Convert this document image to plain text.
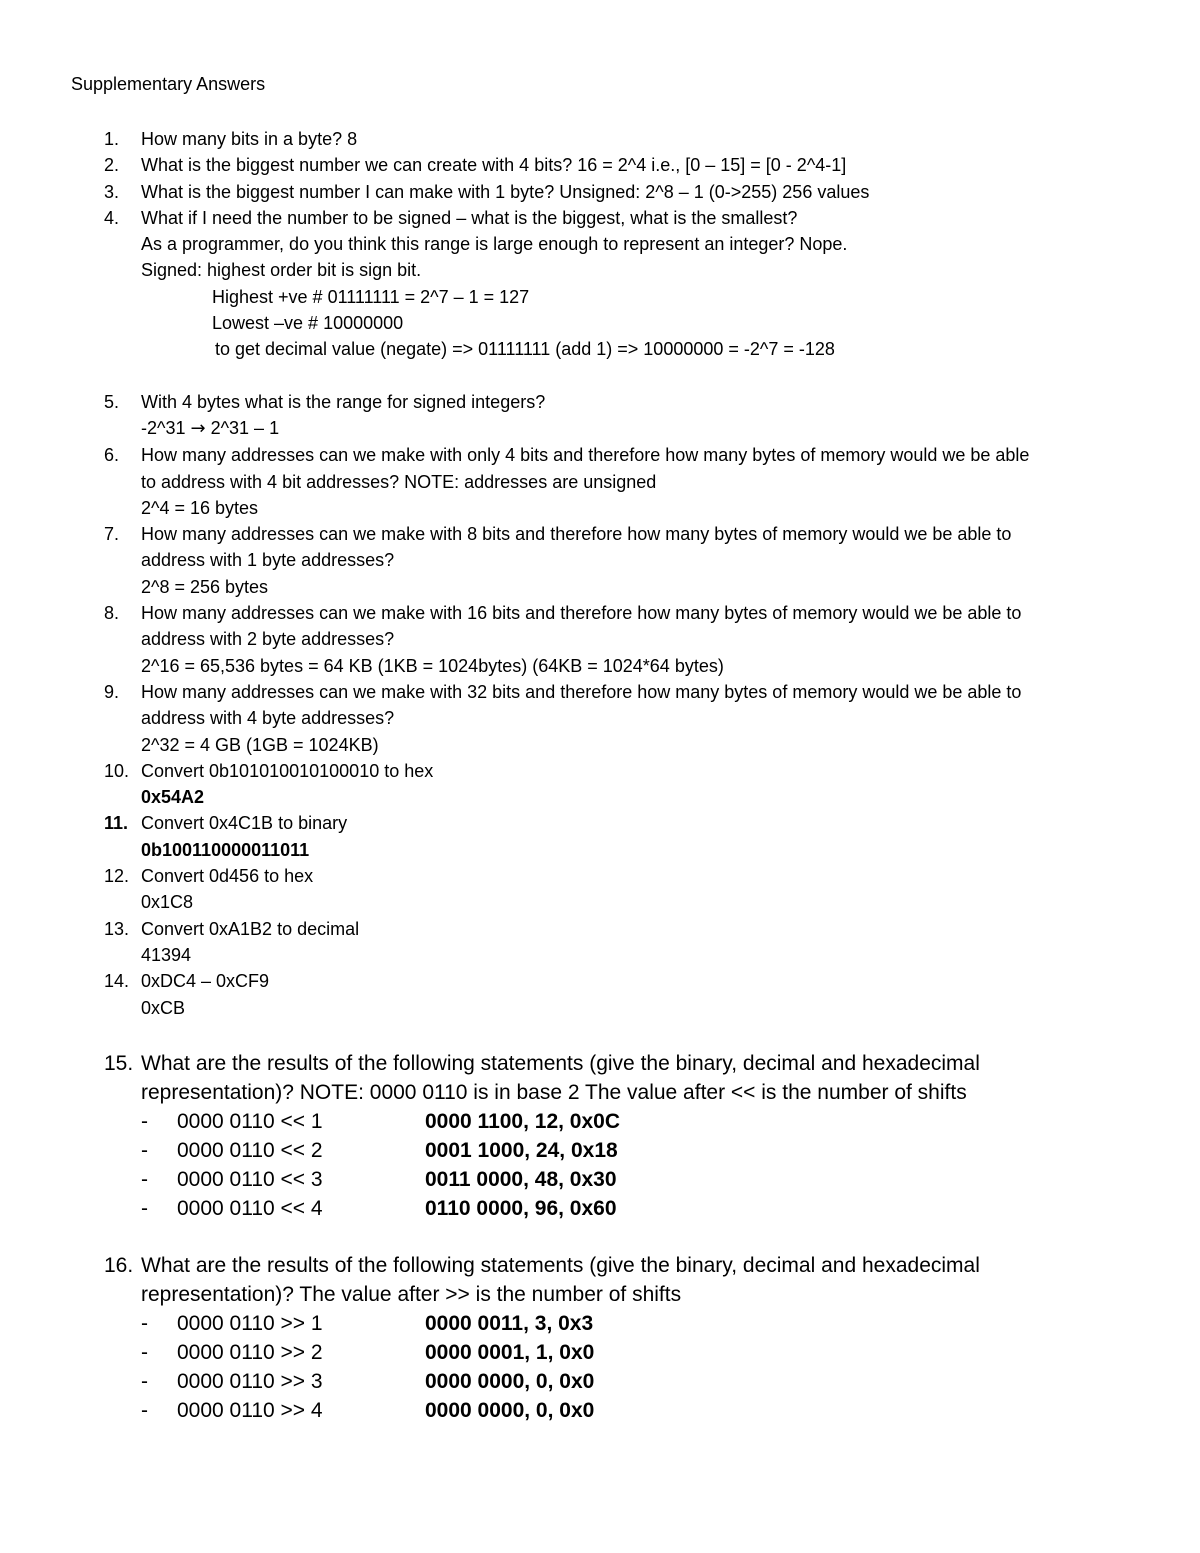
Supplementary Answers
1.	How many bits in a byte? 8
2.	What is the biggest number we can create with 4 bits? 16 = 2^4 i.e., [0 – 15] = [0 - 2^4-1]
3.	What is the biggest number I can make with 1 byte? Unsigned: 2^8 – 1 (0->255) 256 values
4.	What if I need the number to be signed – what is the biggest, what is the smallest?
As a programmer, do you think this range is large enough to represent an integer? Nope.
Signed: highest order bit is sign bit.
Highest +ve # 01111111 = 2^7 – 1 = 127
Lowest –ve # 10000000
to get decimal value (negate) => 01111111 (add 1) => 10000000 = -2^7 = -128
5.	With 4 bytes what is the range for signed integers?
-2^31 → 2^31 – 1
6.	How many addresses can we make with only 4 bits and therefore how many bytes of memory would we be able
to address with 4 bit addresses? NOTE: addresses are unsigned
2^4 = 16 bytes
7.	How many addresses can we make with 8 bits and therefore how many bytes of memory would we be able to
address with 1 byte addresses?
2^8 = 256 bytes
8.	How many addresses can we make with 16 bits and therefore how many bytes of memory would we be able to
address with 2 byte addresses?
2^16 = 65,536 bytes = 64 KB (1KB = 1024bytes) (64KB = 1024*64 bytes)
9.	How many addresses can we make with 32 bits and therefore how many bytes of memory would we be able to
address with 4 byte addresses?
2^32 = 4 GB (1GB = 1024KB)
10. Convert 0b101010010100010 to hex
0x54A2
11. Convert 0x4C1B to binary
0b100110000011011
12. Convert 0d456 to hex
0x1C8
13. Convert 0xA1B2 to decimal
41394
14. 0xDC4 – 0xCF9
0xCB
15. What are the results of the following statements (give the binary, decimal and hexadecimal
representation)? NOTE: 0000 0110 is in base 2 The value after << is the number of shifts
- 0000 0110 << 1	0000 1100, 12, 0x0C
- 0000 0110 << 2	0001 1000, 24, 0x18
- 0000 0110 << 3	0011 0000, 48, 0x30
- 0000 0110 << 4	0110 0000, 96, 0x60
16. What are the results of the following statements (give the binary, decimal and hexadecimal
representation)? The value after >> is the number of shifts
- 0000 0110 >> 1	0000 0011, 3, 0x3
- 0000 0110 >> 2	0000 0001, 1, 0x0
- 0000 0110 >> 3	0000 0000, 0, 0x0
- 0000 0110 >> 4	0000 0000, 0, 0x0
